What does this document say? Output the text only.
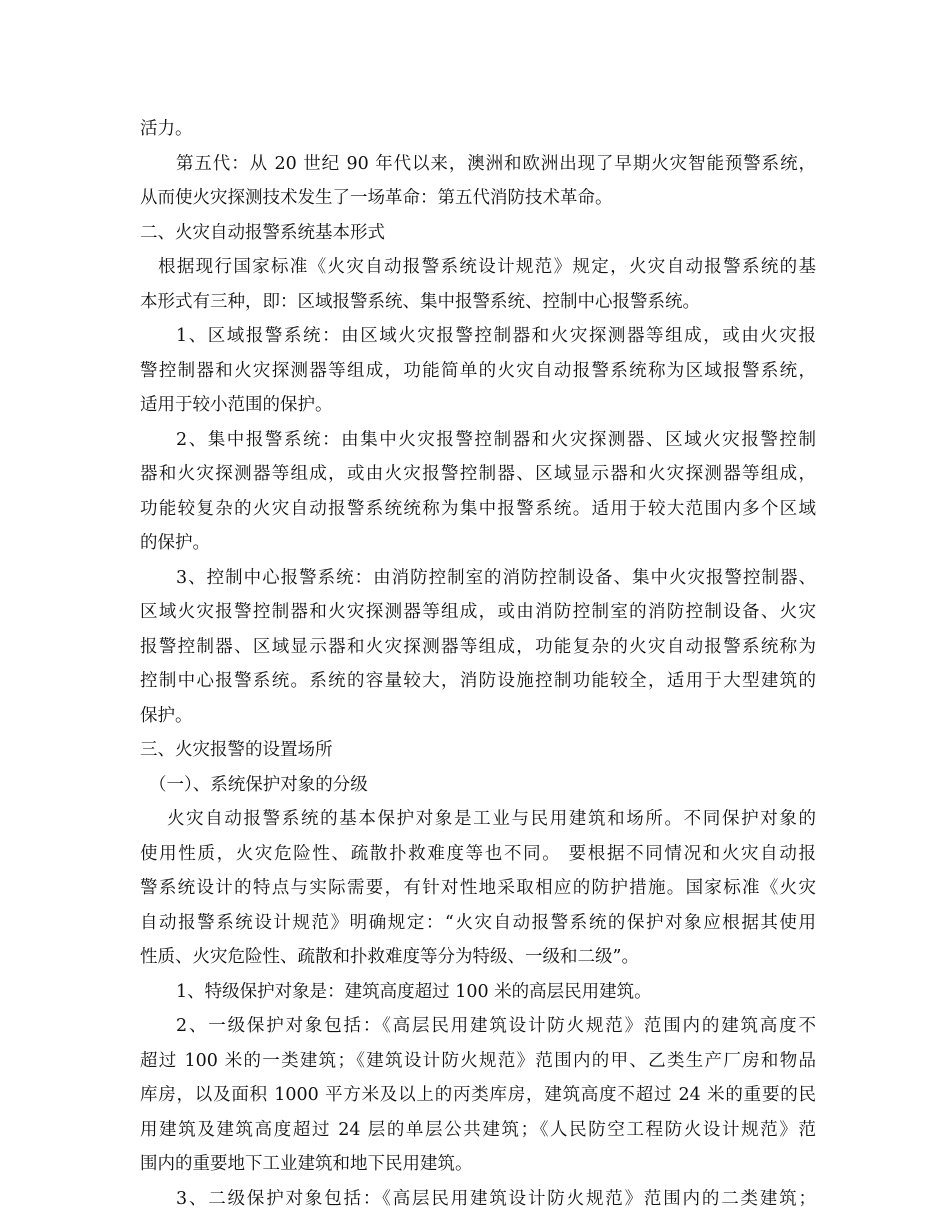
活力。

第五代：从 20 世纪 90 年代以来，澳洲和欧洲出现了早期火灾智能预警系统，

从而使火灾探测技术发生了一场革命：第五代消防技术革命。

二、火灾自动报警系统基本形式

根据现行国家标准《火灾自动报警系统设计规范》规定，火灾自动报警系统的基

本形式有三种，即：区域报警系统、集中报警系统、控制中心报警系统。

1、区域报警系统：由区域火灾报警控制器和火灾探测器等组成，或由火灾报

警控制器和火灾探测器等组成，功能简单的火灾自动报警系统称为区域报警系统，

适用于较小范围的保护。

2、集中报警系统：由集中火灾报警控制器和火灾探测器、区域火灾报警控制

器和火灾探测器等组成，或由火灾报警控制器、区域显示器和火灾探测器等组成，

功能较复杂的火灾自动报警系统统称为集中报警系统。适用于较大范围内多个区域

的保护。

3、控制中心报警系统：由消防控制室的消防控制设备、集中火灾报警控制器、

区域火灾报警控制器和火灾探测器等组成，或由消防控制室的消防控制设备、火灾

报警控制器、区域显示器和火灾探测器等组成，功能复杂的火灾自动报警系统称为

控制中心报警系统。系统的容量较大，消防设施控制功能较全，适用于大型建筑的

保护。

三、火灾报警的设置场所

（一）、系统保护对象的分级

火灾自动报警系统的基本保护对象是工业与民用建筑和场所。不同保护对象的

使用性质，火灾危险性、疏散扑救难度等也不同。 要根据不同情况和火灾自动报

警系统设计的特点与实际需要，有针对性地采取相应的防护措施。国家标准《火灾

自动报警系统设计规范》明确规定：“火灾自动报警系统的保护对象应根据其使用

性质、火灾危险性、疏散和扑救难度等分为特级、一级和二级”。

1、特级保护对象是：建筑高度超过 100 米的高层民用建筑。

2、一级保护对象包括：《高层民用建筑设计防火规范》范围内的建筑高度不

超过 100 米的一类建筑；《建筑设计防火规范》范围内的甲、乙类生产厂房和物品

库房，以及面积 1000 平方米及以上的丙类库房，建筑高度不超过 24 米的重要的民

用建筑及建筑高度超过 24 层的单层公共建筑；《人民防空工程防火设计规范》范

围内的重要地下工业建筑和地下民用建筑。

3、二级保护对象包括：《高层民用建筑设计防火规范》范围内的二类建筑；
